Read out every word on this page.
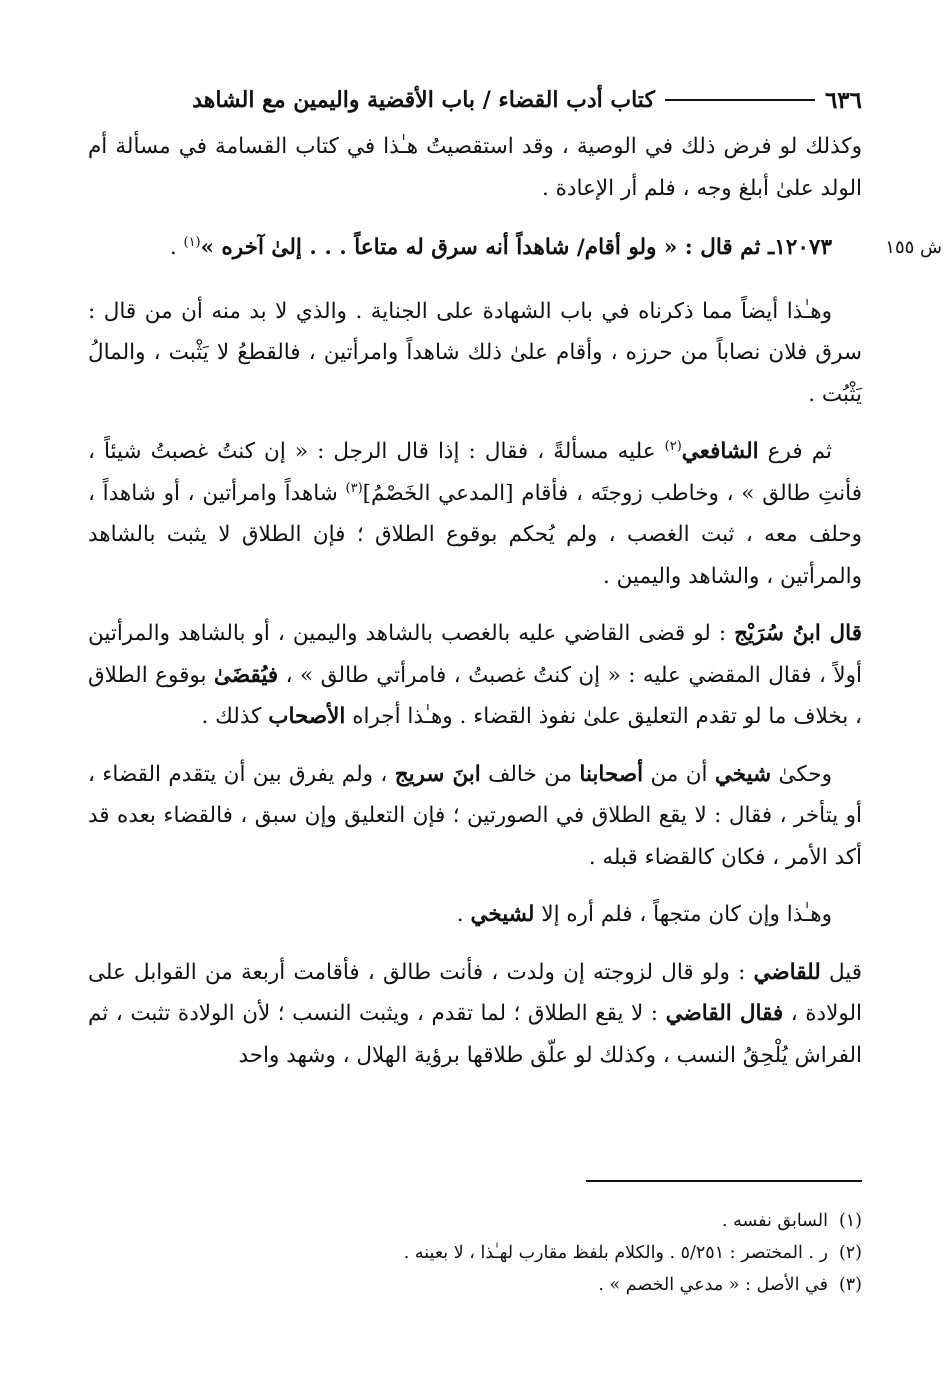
٦٣٦
كتاب أدب القضاء / باب الأقضية واليمين مع الشاهد

وكذلك لو فرض ذلك في الوصية ، وقد استقصيتُ هـٰذا في كتاب القسامة في مسألة أم الولد علىٰ أبلغ وجه ، فلم أر الإعادة .

ش ١٥٥
١٢٠٧٣ـ ثم قال : « ولو أقام/ شاهداً أنه سرق له متاعاً . . . إلىٰ آخره »$^{(١)}$ .

وهـٰذا أيضاً مما ذكرناه في باب الشهادة على الجناية . والذي لا بد منه أن من قال : سرق فلان نصاباً من حرزه ، وأقام علىٰ ذلك شاهداً وامرأتين ، فالقطعُ لا يَثْبت ، والمالُ يَثْبُت .

ثم فرع الشافعي$^{(٢)}$ عليه مسألةً ، فقال : إذا قال الرجل : « إن كنتُ غصبتُ شيئاً ، فأنتِ طالق » ، وخاطب زوجتَه ، فأقام [المدعي الخَصْمُ]$^{(٣)}$ شاهداً وامرأتين ، أو شاهداً ، وحلف معه ، ثبت الغصب ، ولم يُحكم بوقوع الطلاق ؛ فإن الطلاق لا يثبت بالشاهد والمرأتين ، والشاهد واليمين .

قال ابنُ سُرَيْج : لو قضى القاضي عليه بالغصب بالشاهد واليمين ، أو بالشاهد والمرأتين أولاً ، فقال المقضي عليه : « إن كنتُ غصبتُ ، فامرأتي طالق » ، فيُقضَىٰ بوقوع الطلاق ، بخلاف ما لو تقدم التعليق علىٰ نفوذ القضاء . وهـٰذا أجراه الأصحاب كذلك .

وحكىٰ شيخي أن من أصحابنا من خالف ابنَ سريج ، ولم يفرق بين أن يتقدم القضاء ، أو يتأخر ، فقال : لا يقع الطلاق في الصورتين ؛ فإن التعليق وإن سبق ، فالقضاء بعده قد أكد الأمر ، فكان كالقضاء قبله .

وهـٰذا وإن كان متجهاً ، فلم أره إلا لشيخي .

قيل للقاضي : ولو قال لزوجته إن ولدت ، فأنت طالق ، فأقامت أربعة من القوابل على الولادة ، فقال القاضي : لا يقع الطلاق ؛ لما تقدم ، ويثبت النسب ؛ لأن الولادة تثبت ، ثم الفراش يُلْحِقُ النسب ، وكذلك لو علّق طلاقها برؤية الهلال ، وشهد واحد

(١)
السابق نفسه .
(٢)
ر . المختصر : ٥/٢٥١ . والكلام بلفظ مقارب لهـٰذا ، لا بعينه .
(٣)
في الأصل : « مدعي الخصم » .
